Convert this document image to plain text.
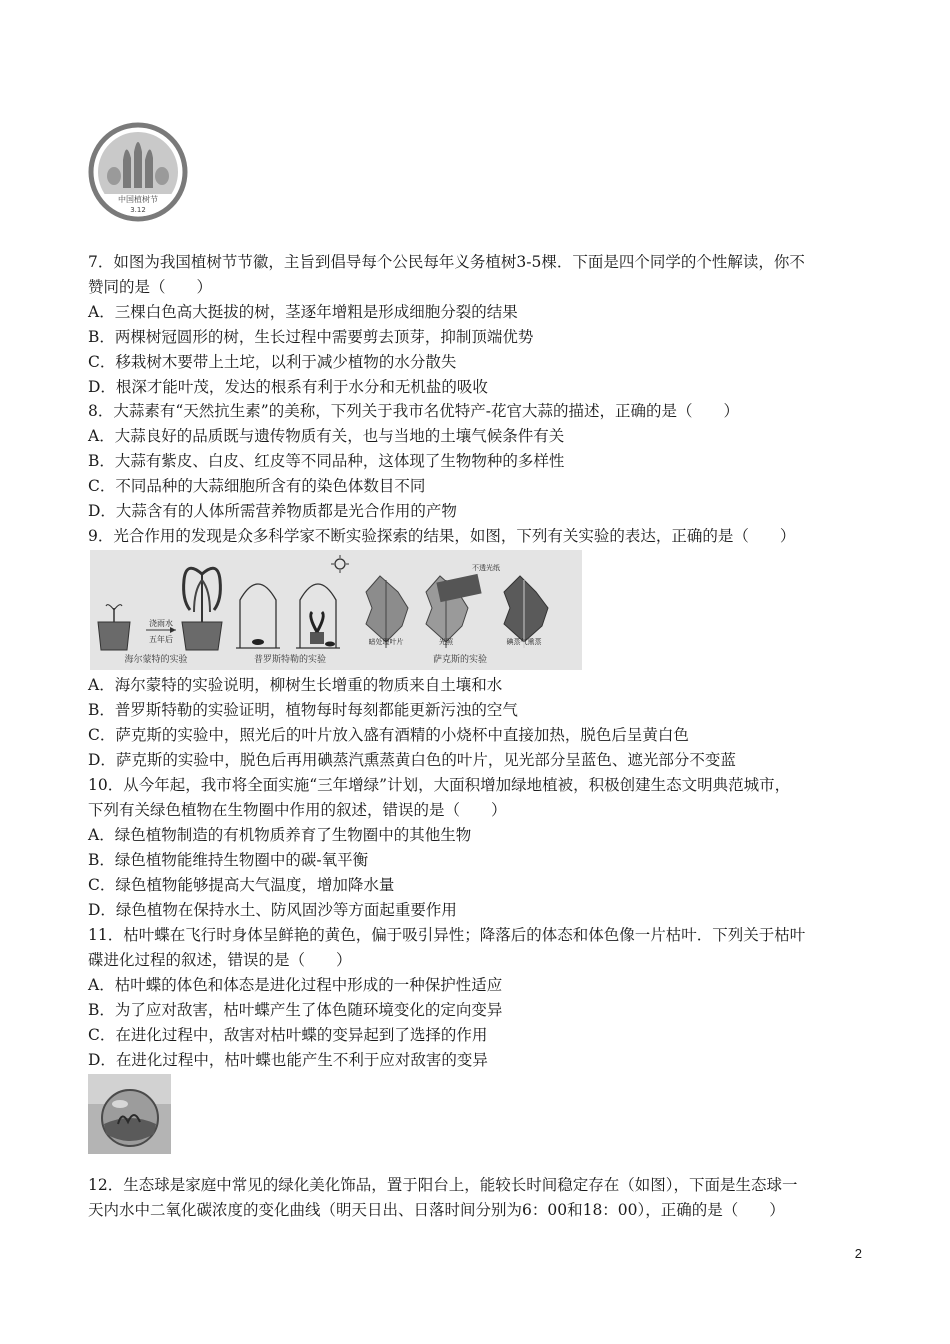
中国植树节
3.12
7．如图为我国植树节节徽，主旨到倡导每个公民每年义务植树3-5棵．下面是四个同学的个性解读，你不
赞同的是（　　）
A．三棵白色高大挺拔的树，茎逐年增粗是形成细胞分裂的结果
B．两棵树冠圆形的树，生长过程中需要剪去顶芽，抑制顶端优势
C．移栽树木要带上土坨，以利于减少植物的水分散失
D．根深才能叶茂，发达的根系有利于水分和无机盐的吸收
8．大蒜素有“天然抗生素”的美称，下列关于我市名优特产-花官大蒜的描述，正确的是（　　）
A．大蒜良好的品质既与遗传物质有关，也与当地的土壤气候条件有关
B．大蒜有紫皮、白皮、红皮等不同品种，这体现了生物物种的多样性
C．不同品种的大蒜细胞所含有的染色体数目不同
D．大蒜含有的人体所需营养物质都是光合作用的产物
9．光合作用的发现是众多科学家不断实验探索的结果，如图，下列有关实验的表达，正确的是（　　）
浇雨水
五年后
海尔蒙特的实验	普罗斯特勒的实验
不透光纸
暗处理叶片	光照	碘蒸气熏蒸
萨克斯的实验
A．海尔蒙特的实验说明，柳树生长增重的物质来自土壤和水
B．普罗斯特勒的实验证明，植物每时每刻都能更新污浊的空气
C．萨克斯的实验中，照光后的叶片放入盛有酒精的小烧杯中直接加热，脱色后呈黄白色
D．萨克斯的实验中，脱色后再用碘蒸汽熏蒸黄白色的叶片，见光部分呈蓝色、遮光部分不变蓝
10．从今年起，我市将全面实施“三年增绿”计划，大面积增加绿地植被，积极创建生态文明典范城市，
下列有关绿色植物在生物圈中作用的叙述，错误的是（　　）
A．绿色植物制造的有机物质养育了生物圈中的其他生物
B．绿色植物能维持生物圈中的碳-氧平衡
C．绿色植物能够提高大气温度，增加降水量
D．绿色植物在保持水土、防风固沙等方面起重要作用
11．枯叶蝶在飞行时身体呈鲜艳的黄色，偏于吸引异性；降落后的体态和体色像一片枯叶．下列关于枯叶
碟进化过程的叙述，错误的是（　　）
A．枯叶蝶的体色和体态是进化过程中形成的一种保护性适应
B．为了应对敌害，枯叶蝶产生了体色随环境变化的定向变异
C．在进化过程中，敌害对枯叶蝶的变异起到了选择的作用
D．在进化过程中，枯叶蝶也能产生不利于应对敌害的变异
12．生态球是家庭中常见的绿化美化饰品，置于阳台上，能较长时间稳定存在（如图），下面是生态球一
天内水中二氧化碳浓度的变化曲线（明天日出、日落时间分别为6：00和18：00），正确的是（　　）
2
